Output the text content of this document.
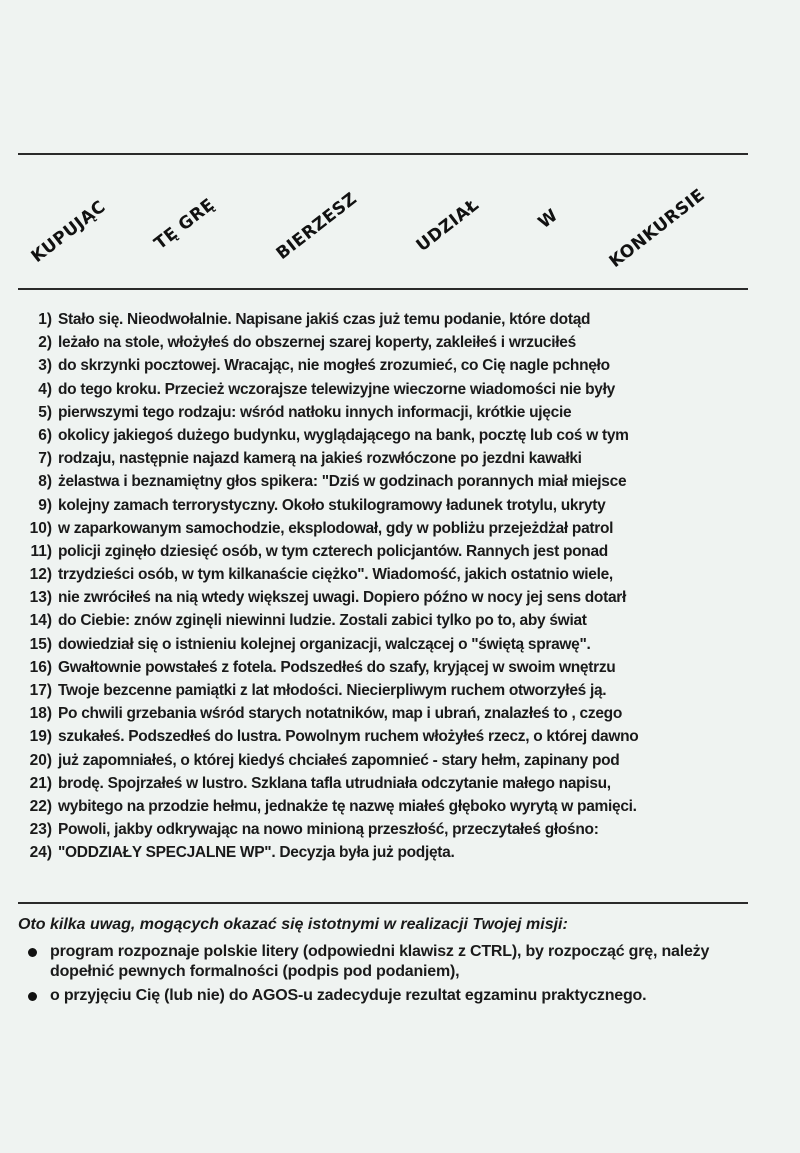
KUPUJĄC TĘ GRĘ	BIERZESZ	UDZIAŁ	W	KONKURSIE
1) Stało się. Nieodwołalnie. Napisane jakiś czas już temu podanie, które dotąd
2) leżało na stole, włożyłeś do obszernej szarej koperty, zakleiłeś i wrzuciłeś
3) do skrzynki pocztowej. Wracając, nie mogłeś zrozumieć, co Cię nagle pchnęło
4) do tego kroku. Przecież wczorajsze telewizyjne wieczorne wiadomości nie były
5) pierwszymi tego rodzaju: wśród natłoku innych informacji, krótkie ujęcie
6) okolicy jakiegoś dużego budynku, wyglądającego na bank, pocztę lub coś w tym
7) rodzaju, następnie najazd kamerą na jakieś rozwłóczone po jezdni kawałki
8) żelastwa i beznamiętny głos spikera: "Dziś w godzinach porannych miał miejsce
9) kolejny zamach terrorystyczny. Około stukilogramowy ładunek trotylu, ukryty
10) w zaparkowanym samochodzie, eksplodował, gdy w pobliżu przejeżdżał patrol
11) policji zginęło dziesięć osób, w tym czterech policjantów. Rannych jest ponad
12) trzydzieści osób, w tym kilkanaście ciężko". Wiadomość, jakich ostatnio wiele,
13) nie zwróciłeś na nią wtedy większej uwagi. Dopiero późno w nocy jej sens dotarł
14) do Ciebie: znów zginęli niewinni ludzie. Zostali zabici tylko po to, aby świat
15) dowiedział się o istnieniu kolejnej organizacji, walczącej o "świętą sprawę".
16) Gwałtownie powstałeś z fotela. Podszedłeś do szafy, kryjącej w swoim wnętrzu
17) Twoje bezcenne pamiątki z lat młodości. Niecierpliwym ruchem otworzyłeś ją.
18) Po chwili grzebania wśród starych notatników, map i ubrań, znalazłeś to , czego
19) szukałeś. Podszedłeś do lustra. Powolnym ruchem włożyłeś rzecz, o której dawno
20) już zapomniałeś, o której kiedyś chciałeś zapomnieć - stary hełm, zapinany pod
21) brodę. Spojrzałeś w lustro. Szklana tafla utrudniała odczytanie małego napisu,
22) wybitego na przodzie hełmu, jednakże tę nazwę miałeś głęboko wyrytą w pamięci.
23) Powoli, jakby odkrywając na nowo minioną przeszłość, przeczytałeś głośno:
24) "ODDZIAŁY SPECJALNE WP". Decyzja była już podjęta.
Oto kilka uwag, mogących okazać się istotnymi w realizacji Twojej misji:
program rozpoznaje polskie litery (odpowiedni klawisz z CTRL), by rozpocząć grę, należy dopełnić pewnych formalności (podpis pod podaniem),
o przyjęciu Cię (lub nie) do AGOS-u zadecyduje rezultat egzaminu praktycznego.
